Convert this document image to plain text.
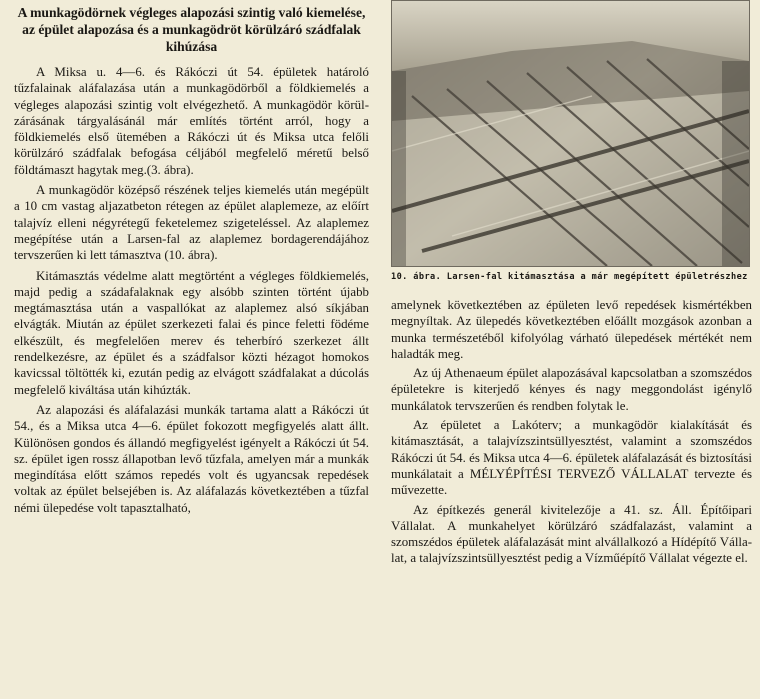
A munkagödörnek végleges alapozási szintig való kiemelése, az épület alapozása és a munkagödröt körülzáró szádfalak kihúzása

A Miksa u. 4—6. és Rákóczi út 54. épületek határoló tűzfalainak aláfalazása után a munkagödörből a földkiemelés a végleges alapozási szintig volt elvégezhető. A munkagödör körülzárásának tárgyalásánál már említés történt arról, hogy a földkiemelés első ütemében a Rákóczi út és Miksa utca felőli körülzáró szádfalak befogása céljából megfelelő méretű belső földtámaszt hagytak meg.(3. ábra).

A munkagödör középső részének teljes kiemelés után megépült a 10 cm vastag aljazatbeton rétegen az épület alaplemeze, az előírt talajvíz elleni négyrétegű feketelemez szigeteléssel. Az alaplemez megépítése után a Larsen-fal az alaplemez bordagerendájához tervszerűen ki lett támasztva (10. ábra).

Kitámasztás védelme alatt megtörtént a végleges földkiemelés, majd pedig a szádafalaknak egy alsóbb szinten történt újabb megtámasztása után a vaspallókat az alaplemez alsó síkjában elvágták. Miután az épület szerkezeti falai és pince feletti födéme elkészült, és megfelelően merev és teherbíró szerkezet állt rendelkezésre, az épület és a szádfalsor közti hézagot homokos kavicssal töltötték ki, ezután pedig az elvágott szádfalakat a dúcolás megfelelő kiváltása után kihúzták.

Az alapozási és aláfalazási munkák tartama alatt a Rákóczi út 54., és a Miksa utca 4—6. épület fokozott megfigyelés alatt állt. Különösen gondos és állandó megfigyelést igényelt a Rákóczi út 54. sz. épület igen rossz állapotban levő tűzfala, amelyen már a munkák megindítása előtt számos repedés volt és ugyancsak repedések voltak az épület belsejében is. Az aláfalazás következtében a tűzfal némi ülepedése volt tapasztalható,

10. ábra. Larsen-fal kitámasztása a már megépített épületrészhez

amelynek következtében az épületen levő repedések kismértékben megnyíltak. Az ülepedés következtében előállt mozgások azonban a munka természetéből kifolyólag várható ülepedések mértékét nem haladták meg.

Az új Athenaeum épület alapozásával kapcsolatban a szomszédos épületekre is kiterjedő kényes és nagy meggondolást igénylő munkálatok tervszerűen és rendben folytak le.

Az épületet a Lakóterv; a munkagödör kialakítását és kitámasztását, a talajvízszintsüllyesztést, valamint a szomszédos Rákóczi út 54. és Miksa utca 4—6. épületek aláfalazását és biztosítási munkálatait a MÉLYÉPÍTÉSI TERVEZŐ VÁLLALAT tervezte és művezette.

Az építkezés generál kivitelezője a 41. sz. Áll. Építőipari Vállalat. A munkahelyet körülzáró szádfalazást, valamint a szomszédos épületek aláfalazását mint alvállalkozó a Hídépítő Vállalat, a talajvízszintsüllyesztést pedig a Vízműépítő Vállalat végezte el.
